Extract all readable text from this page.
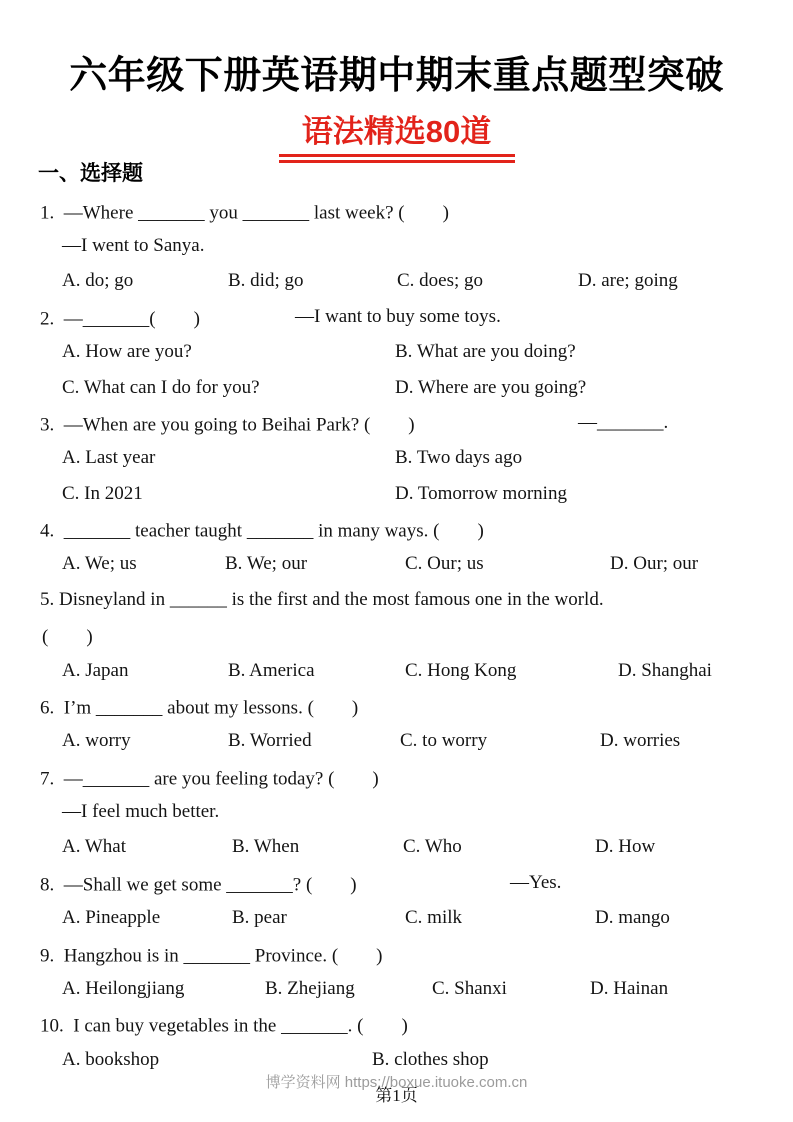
六年级下册英语期中期末重点题型突破
语法精选80道
一、选择题
1.  —Where _______ you _______ last week? (　　)
—I went to Sanya.
A. do; go	B. did; go	C. does; go	D. are; going
2.  —_______(　　)	—I want to buy some toys.
A. How are you?	B. What are you doing?
C. What can I do for you?	D. Where are you going?
3.  —When are you going to Beihai Park? (　　)	—_______.
A. Last year	B. Two days ago
C. In 2021	D. Tomorrow morning
4.  _______ teacher taught _______ in many ways. (　　)
A. We; us	B. We; our	C. Our; us	D. Our; our
5. Disneyland in ______ is the first and the most famous one in the world.
(　　)
A. Japan	B. America	C. Hong Kong	D. Shanghai
6.  I’m _______ about my lessons. (　　)
A. worry	B. Worried	C. to worry	D. worries
7.  —_______ are you feeling today? (　　)
—I feel much better.
A. What	B. When	C. Who	D. How
8.  —Shall we get some _______? (　　)	—Yes.
A. Pineapple	B. pear	C. milk	D. mango
9.  Hangzhou is in _______ Province. (　　)
A. Heilongjiang	B. Zhejiang	C. Shanxi	D. Hainan
10.  I can buy vegetables in the _______. (　　)
A. bookshop	B. clothes shop
博学资料网 https://boxue.ituoke.com.cn
第1页
